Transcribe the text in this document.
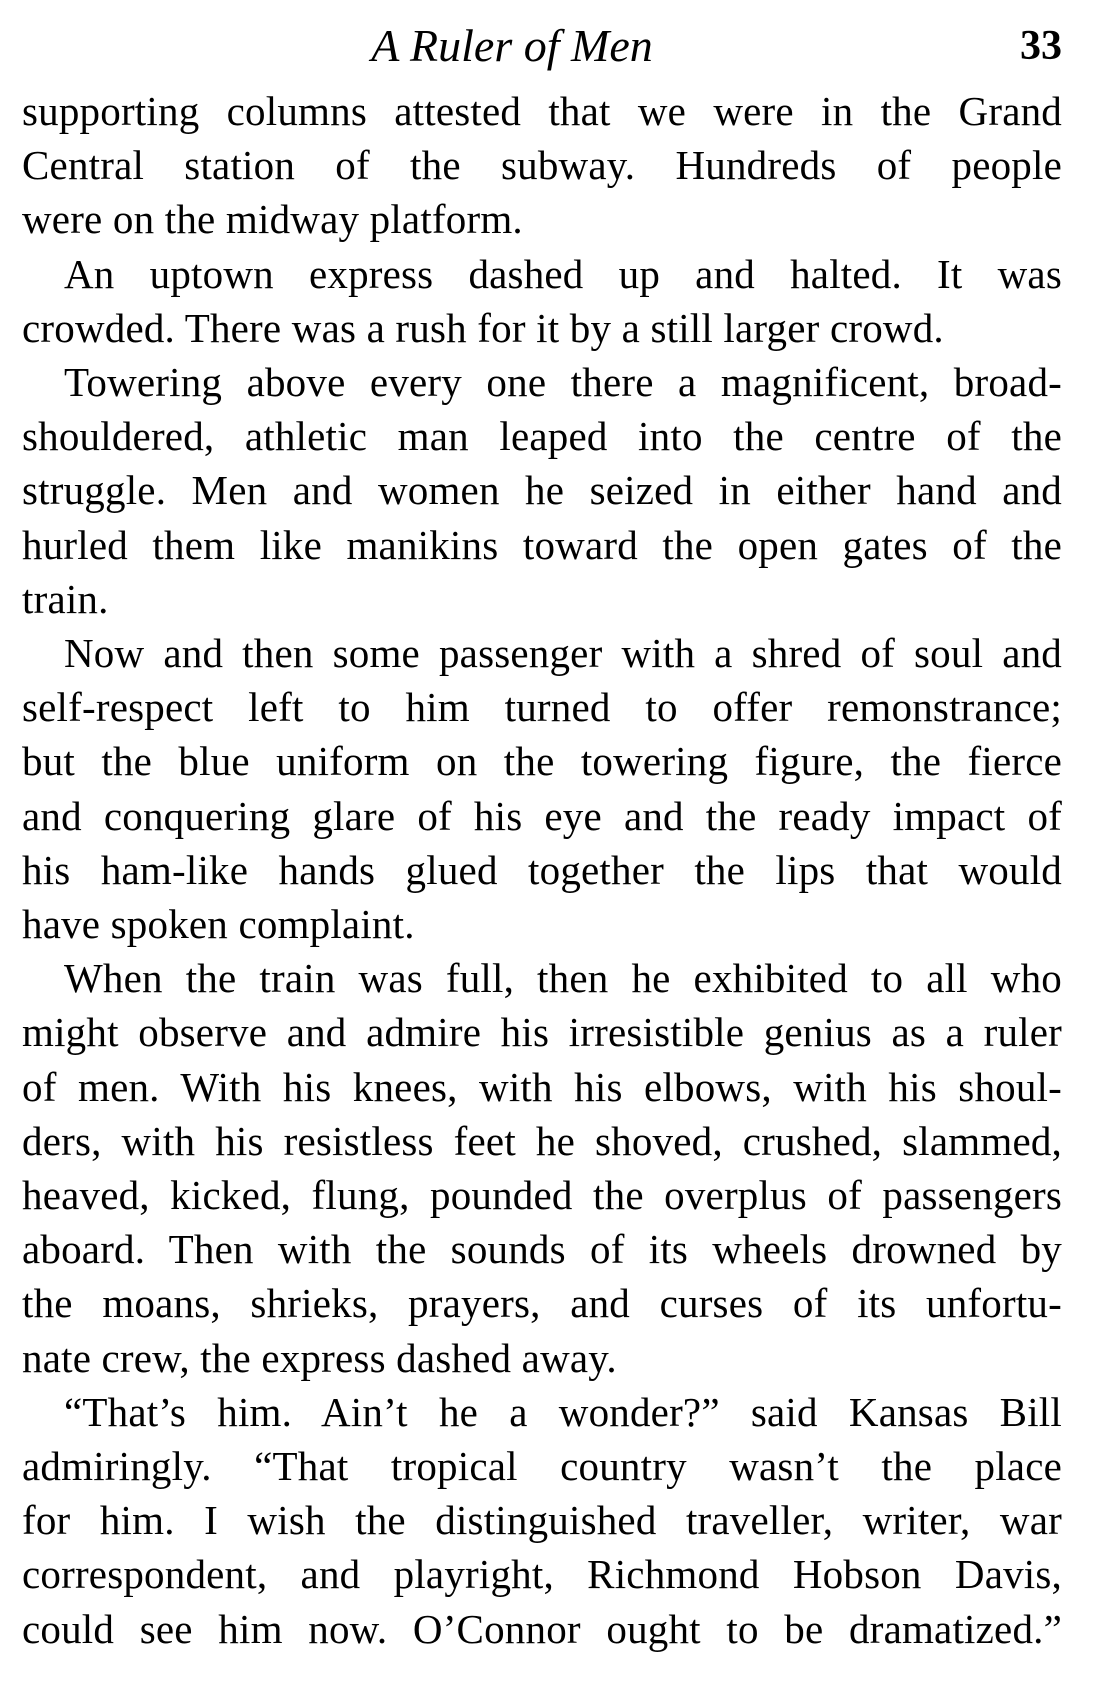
A Ruler of Men	33

supporting columns attested that we were in the Grand
Central station of the subway. Hundreds of people
were on the midway platform.

An uptown express dashed up and halted. It was
crowded. There was a rush for it by a still larger crowd.

Towering above every one there a magnificent, broad-
shouldered, athletic man leaped into the centre of the
struggle. Men and women he seized in either hand and
hurled them like manikins toward the open gates of the
train.

Now and then some passenger with a shred of soul and
self-respect left to him turned to offer remonstrance;
but the blue uniform on the towering figure, the fierce
and conquering glare of his eye and the ready impact of
his ham-like hands glued together the lips that would
have spoken complaint.

When the train was full, then he exhibited to all who
might observe and admire his irresistible genius as a ruler
of men. With his knees, with his elbows, with his shoul-
ders, with his resistless feet he shoved, crushed, slammed,
heaved, kicked, flung, pounded the overplus of passengers
aboard. Then with the sounds of its wheels drowned by
the moans, shrieks, prayers, and curses of its unfortu-
nate crew, the express dashed away.

“That’s him. Ain’t he a wonder?” said Kansas Bill
admiringly. “That tropical country wasn’t the place
for him. I wish the distinguished traveller, writer, war
correspondent, and playright, Richmond Hobson Davis,
could see him now. O’Connor ought to be dramatized.”
